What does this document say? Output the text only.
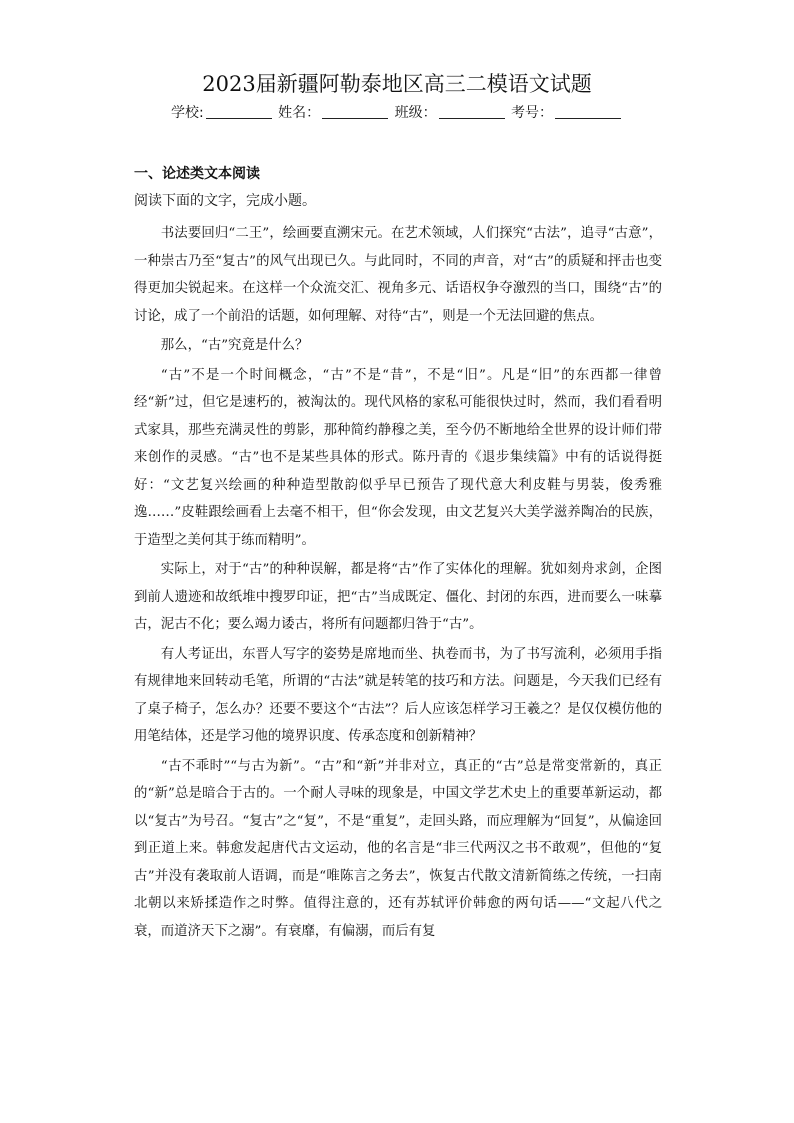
2023届新疆阿勒泰地区高三二模语文试题
学校:	姓名：	班级：	考号：
一、论述类文本阅读
阅读下面的文字，完成小题。

书法要回归“二王”，绘画要直溯宋元。在艺术领域，人们探究“古法”，追寻“古意”，一种崇古乃至“复古”的风气出现已久。与此同时，不同的声音，对“古”的质疑和抨击也变得更加尖锐起来。在这样一个众流交汇、视角多元、话语权争夺激烈的当口，围绕“古”的讨论，成了一个前沿的话题，如何理解、对待“古”，则是一个无法回避的焦点。

那么，“古”究竟是什么？

“古”不是一个时间概念，“古”不是“昔”，不是“旧”。凡是“旧”的东西都一律曾经“新”过，但它是速朽的，被淘汰的。现代风格的家私可能很快过时，然而，我们看看明式家具，那些充满灵性的剪影，那种简约静穆之美，至今仍不断地给全世界的设计师们带来创作的灵感。“古”也不是某些具体的形式。陈丹青的《退步集续篇》中有的话说得挺好：“文艺复兴绘画的种种造型散韵似乎早已预告了现代意大利皮鞋与男装，俊秀雅逸……”皮鞋跟绘画看上去毫不相干，但“你会发现，由文艺复兴大美学滋养陶冶的民族，于造型之美何其于练而精明”。

实际上，对于“古”的种种误解，都是将“古”作了实体化的理解。犹如刻舟求剑，企图到前人遗迹和故纸堆中搜罗印证，把“古”当成既定、僵化、封闭的东西，进而要么一味摹古，泥古不化；要么竭力诿古，将所有问题都归咎于“古”。

有人考证出，东晋人写字的姿势是席地而坐、执卷而书，为了书写流利，必须用手指有规律地来回转动毛笔，所谓的“古法”就是转笔的技巧和方法。问题是，今天我们已经有了桌子椅子，怎么办？还要不要这个“古法”？后人应该怎样学习王羲之？是仅仅模仿他的用笔结体，还是学习他的境界识度、传承态度和创新精神？

“古不乖时”“与古为新”。“古”和“新”并非对立，真正的“古”总是常变常新的，真正的“新”总是暗合于古的。一个耐人寻味的现象是，中国文学艺术史上的重要革新运动，都以“复古”为号召。“复古”之“复”，不是“重复”，走回头路，而应理解为“回复”，从偏途回到正道上来。韩愈发起唐代古文运动，他的名言是“非三代两汉之书不敢观”，但他的“复古”并没有袭取前人语调，而是“唯陈言之务去”，恢复古代散文清新简练之传统，一扫南北朝以来矫揉造作之时弊。值得注意的，还有苏轼评价韩愈的两句话——“文起八代之衰，而道济天下之溺”。有衰靡，有偏溺，而后有复
